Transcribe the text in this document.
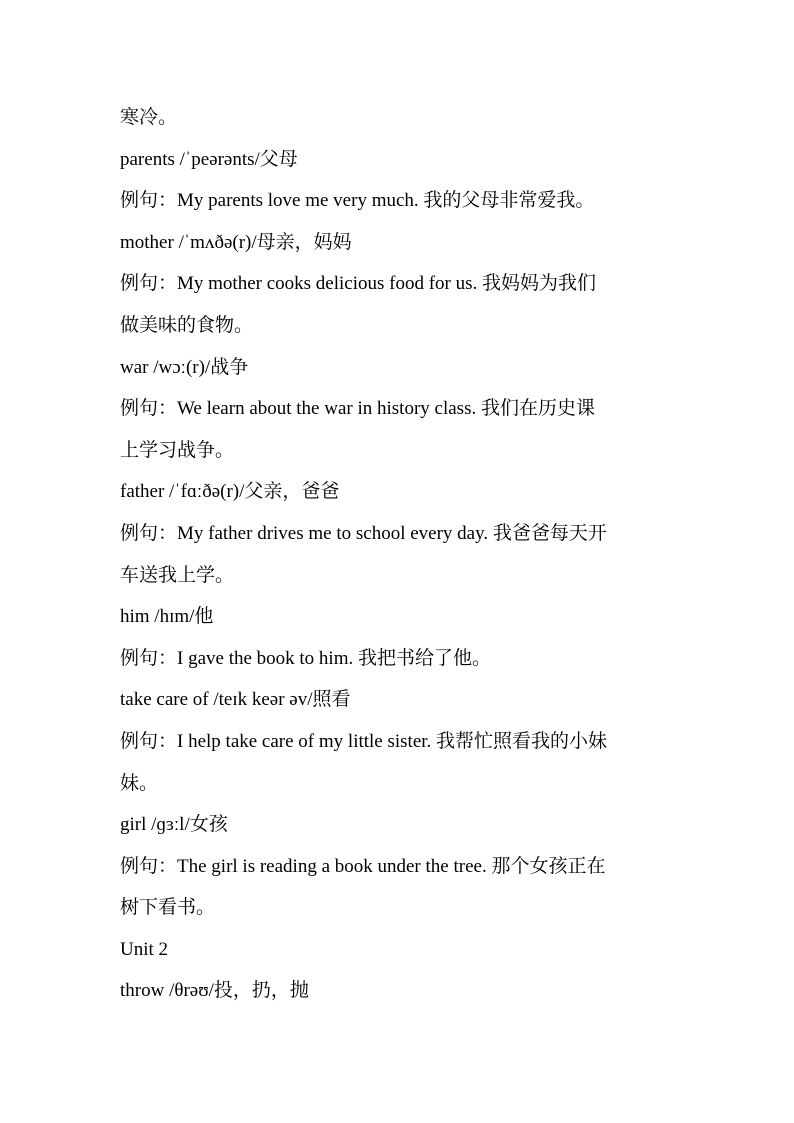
寒冷。
parents /ˈpeərənts/父母
例句：My parents love me very much. 我的父母非常爱我。
mother /ˈmʌðə(r)/母亲，妈妈
例句：My mother cooks delicious food for us. 我妈妈为我们
做美味的食物。
war /wɔː(r)/战争
例句：We learn about the war in history class. 我们在历史课
上学习战争。
father /ˈfɑːðə(r)/父亲，爸爸
例句：My father drives me to school every day. 我爸爸每天开
车送我上学。
him /hɪm/他
例句：I gave the book to him. 我把书给了他。
take care of /teɪk keər əv/照看
例句：I help take care of my little sister. 我帮忙照看我的小妹
妹。
girl /ɡɜːl/女孩
例句：The girl is reading a book under the tree. 那个女孩正在
树下看书。
Unit 2
throw /θrəʊ/投，扔，抛
